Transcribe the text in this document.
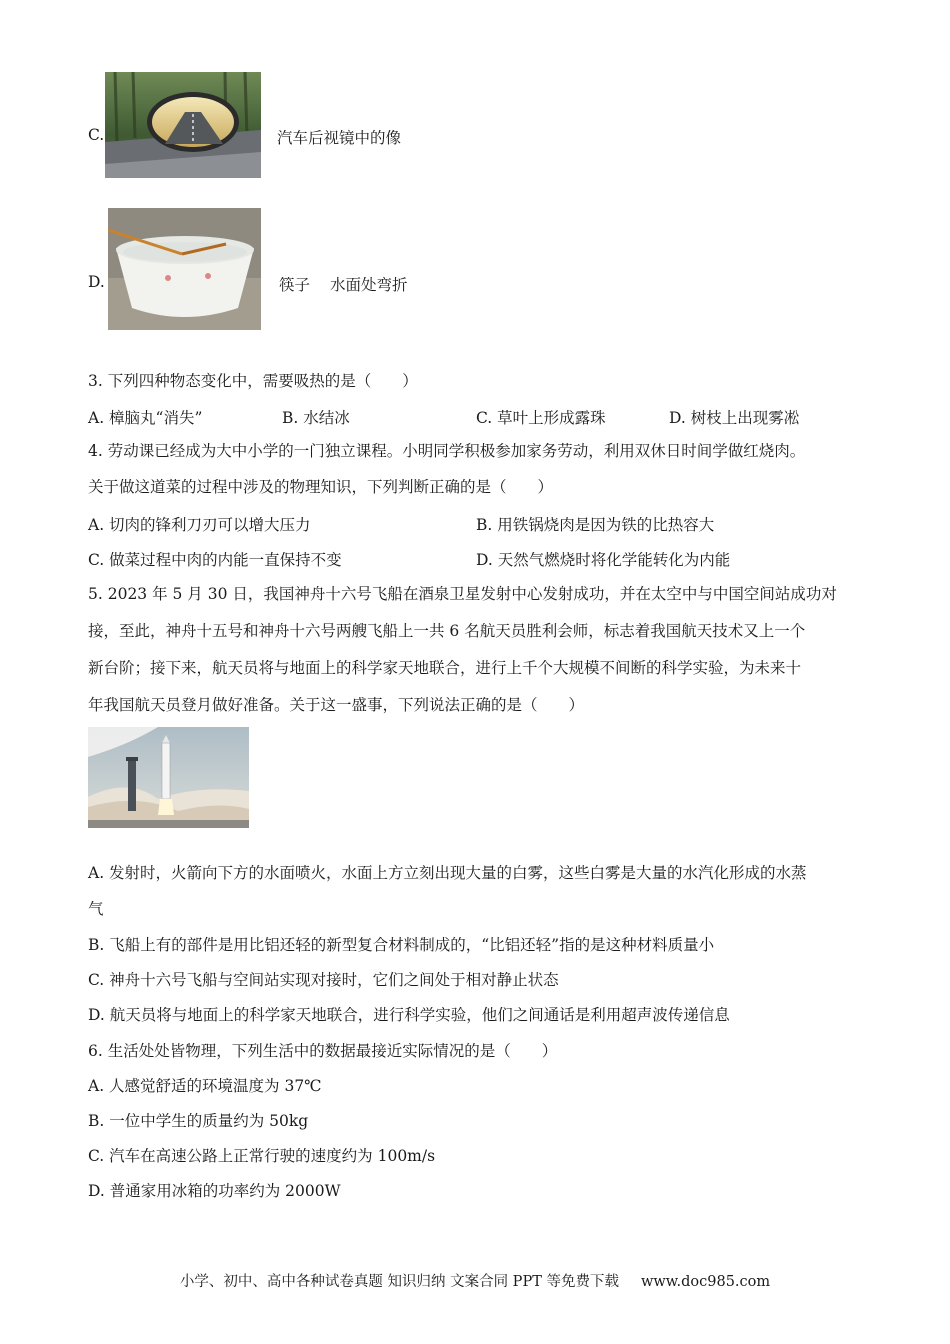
C.	汽车后视镜中的像
D.	筷子 水面处弯折
3. 下列四种物态变化中，需要吸热的是（　　）
A. 樟脑丸“消失”	B. 水结冰	C. 草叶上形成露珠	D. 树枝上出现雾凇
4. 劳动课已经成为大中小学的一门独立课程。小明同学积极参加家务劳动，利用双休日时间学做红烧肉。
关于做这道菜的过程中涉及的物理知识，下列判断正确的是（　　）
A. 切肉的锋利刀刃可以增大压力	B. 用铁锅烧肉是因为铁的比热容大
C. 做菜过程中肉的内能一直保持不变	D. 天然气燃烧时将化学能转化为内能
5. 2023 年 5 月 30 日，我国神舟十六号飞船在酒泉卫星发射中心发射成功，并在太空中与中国空间站成功对
接，至此，神舟十五号和神舟十六号两艘飞船上一共 6 名航天员胜利会师，标志着我国航天技术又上一个
新台阶；接下来，航天员将与地面上的科学家天地联合，进行上千个大规模不间断的科学实验，为未来十
年我国航天员登月做好准备。关于这一盛事，下列说法正确的是（　　）
A. 发射时，火箭向下方的水面喷火，水面上方立刻出现大量的白雾，这些白雾是大量的水汽化形成的水蒸
气
B. 飞船上有的部件是用比铝还轻的新型复合材料制成的，“比铝还轻”指的是这种材料质量小
C. 神舟十六号飞船与空间站实现对接时，它们之间处于相对静止状态
D. 航天员将与地面上的科学家天地联合，进行科学实验，他们之间通话是利用超声波传递信息
6. 生活处处皆物理，下列生活中的数据最接近实际情况的是（　　）
A. 人感觉舒适的环境温度为 37℃
B. 一位中学生的质量约为 50kg
C. 汽车在高速公路上正常行驶的速度约为 100m/s
D. 普通家用冰箱的功率约为 2000W
小学、初中、高中各种试卷真题 知识归纳 文案合同 PPT 等免费下载 www.doc985.com
